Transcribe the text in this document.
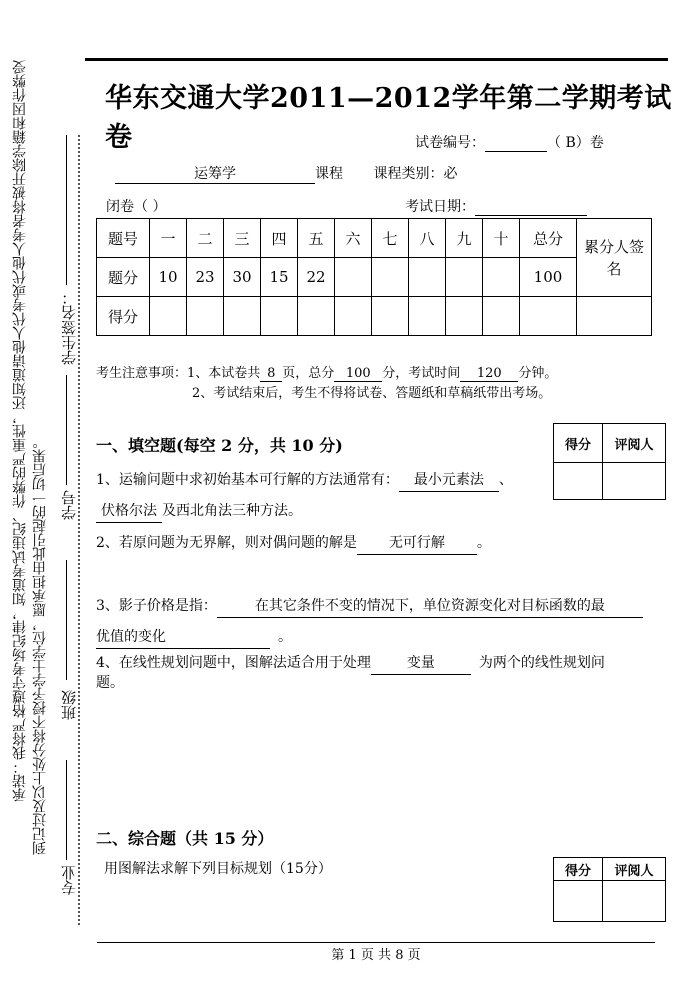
承诺：我将严格遵守考场纪律，知道考试违纪、作弊的严重性，还知道请他人代考或代他人考者将被开除学籍和因作弊受 到记过及以上处分将不授予学士学位，愿承担由此引起的一切后果。
专业
班级
学号
学生签名：
华东交通大学2011—2012学年第二学期考试卷	试卷编号：	（ B）卷
运筹学	课程 课程类别：必
闭卷（ ）	考试日期：
题号	一	二	三	四	五	六	七	八	九	十	总分	累分人签名
题分	10	23	30	15	22						100	
得分												
考生注意事项：1、本试卷共 8 页，总分 100 分，考试时间 120 分钟。
2、考试结束后，考生不得将试卷、答题纸和草稿纸带出考场。
得分	评阅人

一、填空题(每空 2 分，共 10 分)
1、运输问题中求初始基本可行解的方法通常有： 最小元素法 、
伏格尔法 及西北角法三种方法。
2、若原问题为无界解，则对偶问题的解是 无可行解 。
3、影子价格是指：	在其它条件不变的情况下，单位资源变化对目标函数的最
优值的变化	。
4、在线性规划问题中，图解法适合用于处理	变量	为两个的线性规划问
题。
二、综合题（共 15 分）
用图解法求解下列目标规划（15分）	得分	评阅人

第 1 页 共 8 页
